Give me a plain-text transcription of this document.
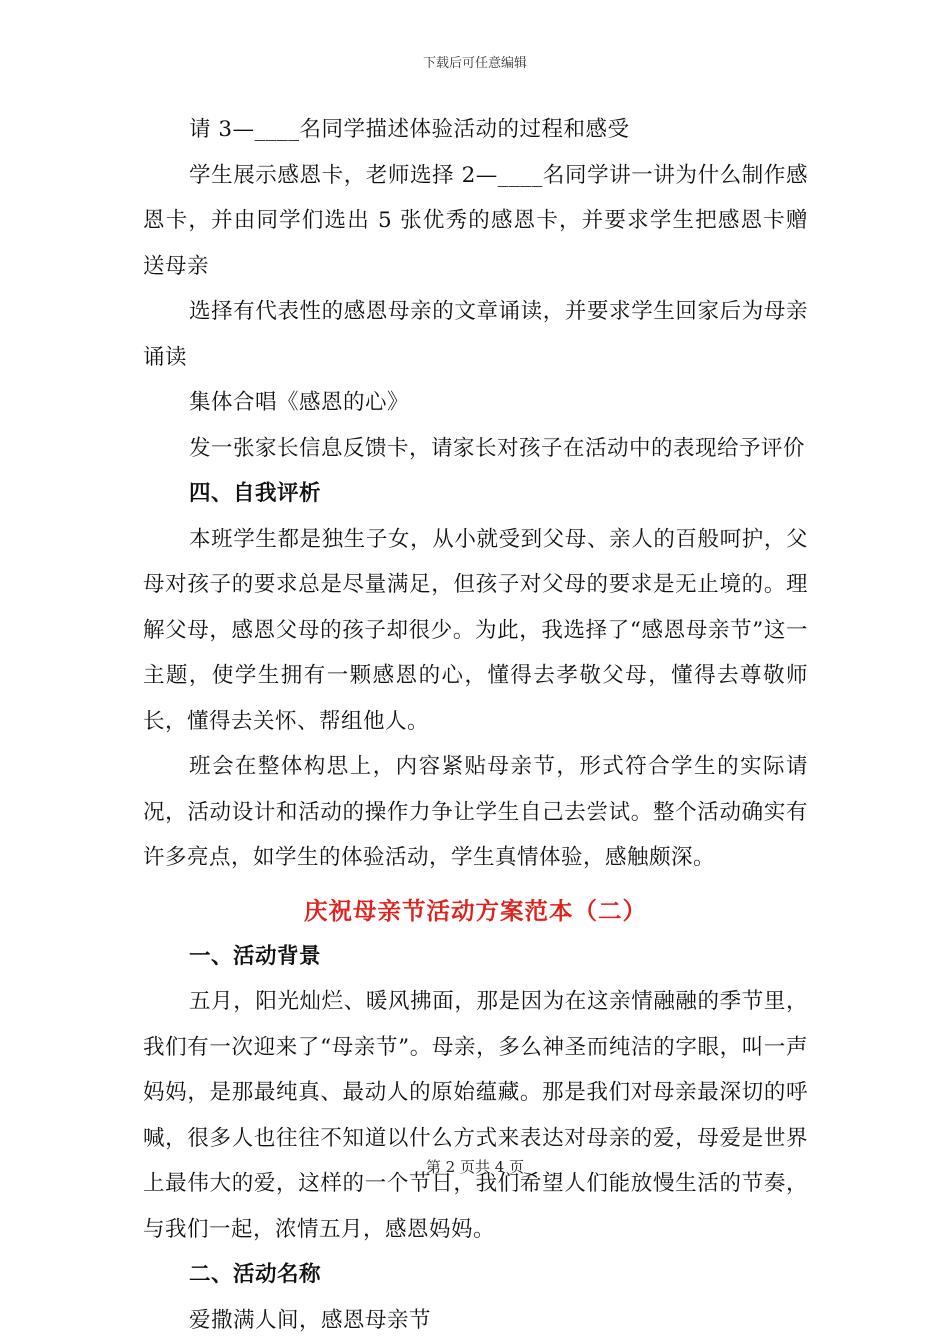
下载后可任意编辑

请 3—____名同学描述体验活动的过程和感受

学生展示感恩卡，老师选择 2—____名同学讲一讲为什么制作感恩卡，并由同学们选出 5 张优秀的感恩卡，并要求学生把感恩卡赠送母亲

选择有代表性的感恩母亲的文章诵读，并要求学生回家后为母亲诵读

集体合唱《感恩的心》

发一张家长信息反馈卡，请家长对孩子在活动中的表现给予评价

四、自我评析

本班学生都是独生子女，从小就受到父母、亲人的百般呵护，父母对孩子的要求总是尽量满足，但孩子对父母的要求是无止境的。理解父母，感恩父母的孩子却很少。为此，我选择了“感恩母亲节”这一主题，使学生拥有一颗感恩的心，懂得去孝敬父母，懂得去尊敬师长，懂得去关怀、帮组他人。

班会在整体构思上，内容紧贴母亲节，形式符合学生的实际请况，活动设计和活动的操作力争让学生自己去尝试。整个活动确实有许多亮点，如学生的体验活动，学生真情体验，感触颇深。

庆祝母亲节活动方案范本（二）

一、活动背景

五月，阳光灿烂、暖风拂面，那是因为在这亲情融融的季节里，我们有一次迎来了“母亲节”。母亲，多么神圣而纯洁的字眼，叫一声妈妈，是那最纯真、最动人的原始蕴藏。那是我们对母亲最深切的呼喊，很多人也往往不知道以什么方式来表达对母亲的爱，母爱是世界上最伟大的爱，这样的一个节日，我们希望人们能放慢生活的节奏，与我们一起，浓情五月，感恩妈妈。

二、活动名称

爱撒满人间，感恩母亲节

第 2 页共 4 页
